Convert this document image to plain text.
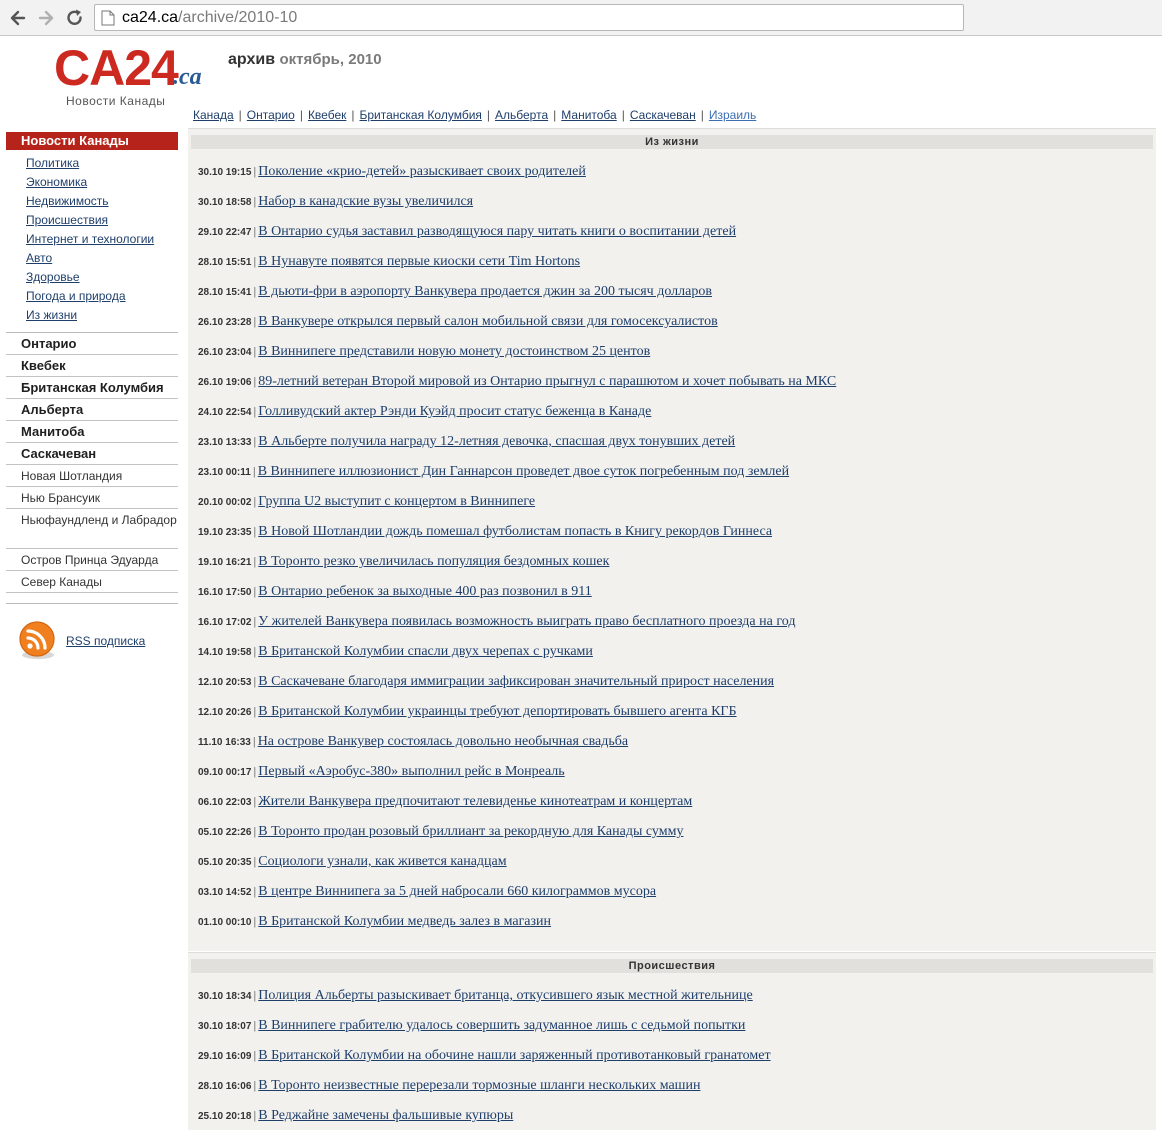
ca24.ca/archive/2010-10
CA24
.ca
Новости Канады
архив октябрь, 2010
Канада | Онтарио | Квебек | Британская Колумбия | Альберта | Манитоба | Саскачеван | Израиль
Новости Канады
Политика
Экономика
Недвижимость
Происшествия
Интернет и технологии
Авто
Здоровье
Погода и природа
Из жизни
Онтарио
Квебек
Британская Колумбия
Альберта
Манитоба
Саскачеван
Новая Шотландия
Нью Брансуик
Ньюфаундленд и Лабрадор
Остров Принца Эдуарда
Север Канады
RSS подписка
Из жизни
30.10 19:15 | Поколение «крио-детей» разыскивает своих родителей
30.10 18:58 | Набор в канадские вузы увеличился
29.10 22:47 | В Онтарио судья заставил разводящуюся пару читать книги о воспитании детей
28.10 15:51 | В Нунавуте появятся первые киоски сети Tim Hortons
28.10 15:41 | В дьюти-фри в аэропорту Ванкувера продается джин за 200 тысяч долларов
26.10 23:28 | В Ванкувере открылся первый салон мобильной связи для гомосексуалистов
26.10 23:04 | В Виннипеге представили новую монету достоинством 25 центов
26.10 19:06 | 89-летний ветеран Второй мировой из Онтарио прыгнул с парашютом и хочет побывать на МКС
24.10 22:54 | Голливудский актер Рэнди Куэйд просит статус беженца в Канаде
23.10 13:33 | В Альберте получила награду 12-летняя девочка, спасшая двух тонувших детей
23.10 00:11 | В Виннипеге иллюзионист Дин Ганнарсон проведет двое суток погребенным под землей
20.10 00:02 | Группа U2 выступит с концертом в Виннипеге
19.10 23:35 | В Новой Шотландии дождь помешал футболистам попасть в Книгу рекордов Гиннеса
19.10 16:21 | В Торонто резко увеличилась популяция бездомных кошек
16.10 17:50 | В Онтарио ребенок за выходные 400 раз позвонил в 911
16.10 17:02 | У жителей Ванкувера появилась возможность выиграть право бесплатного проезда на год
14.10 19:58 | В Британской Колумбии спасли двух черепах с ручками
12.10 20:53 | В Саскачеване благодаря иммиграции зафиксирован значительный прирост населения
12.10 20:26 | В Британской Колумбии украинцы требуют депортировать бывшего агента КГБ
11.10 16:33 | На острове Ванкувер состоялась довольно необычная свадьба
09.10 00:17 | Первый «Аэробус-380» выполнил рейс в Монреаль
06.10 22:03 | Жители Ванкувера предпочитают телевиденье кинотеатрам и концертам
05.10 22:26 | В Торонто продан розовый бриллиант за рекордную для Канады сумму
05.10 20:35 | Социологи узнали, как живется канадцам
03.10 14:52 | В центре Виннипега за 5 дней набросали 660 килограммов мусора
01.10 00:10 | В Британской Колумбии медведь залез в магазин
Происшествия
30.10 18:34 | Полиция Альберты разыскивает британца, откусившего язык местной жительнице
30.10 18:07 | В Виннипеге грабителю удалось совершить задуманное лишь с седьмой попытки
29.10 16:09 | В Британской Колумбии на обочине нашли заряженный противотанковый гранатомет
28.10 16:06 | В Торонто неизвестные перерезали тормозные шланги нескольких машин
25.10 20:18 | В Реджайне замечены фальшивые купюры
